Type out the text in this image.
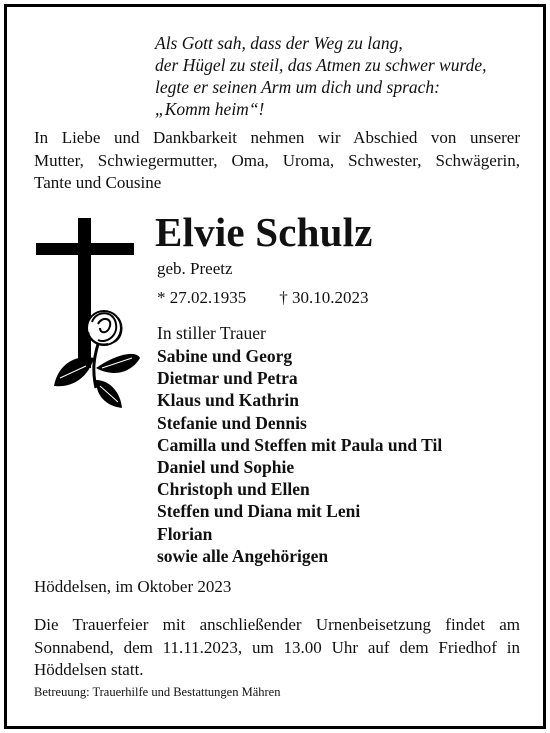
Als Gott sah, dass der Weg zu lang,
der Hügel zu steil, das Atmen zu schwer wurde,
legte er seinen Arm um dich und sprach:
„Komm heim“!
In Liebe und Dankbarkeit nehmen wir Abschied von unserer
Mutter, Schwiegermutter, Oma, Uroma, Schwester, Schwägerin,
Tante und Cousine
Elvie Schulz
geb. Preetz
* 27.02.1935 † 30.10.2023
In stiller Trauer
Sabine und Georg
Dietmar und Petra
Klaus und Kathrin
Stefanie und Dennis
Camilla und Steffen mit Paula und Til
Daniel und Sophie
Christoph und Ellen
Steffen und Diana mit Leni
Florian
sowie alle Angehörigen
Höddelsen, im Oktober 2023
Die Trauerfeier mit anschließender Urnenbeisetzung findet am
Sonnabend, dem 11.11.2023, um 13.00 Uhr auf dem Friedhof in
Höddelsen statt.
Betreuung: Trauerhilfe und Bestattungen Mähren
